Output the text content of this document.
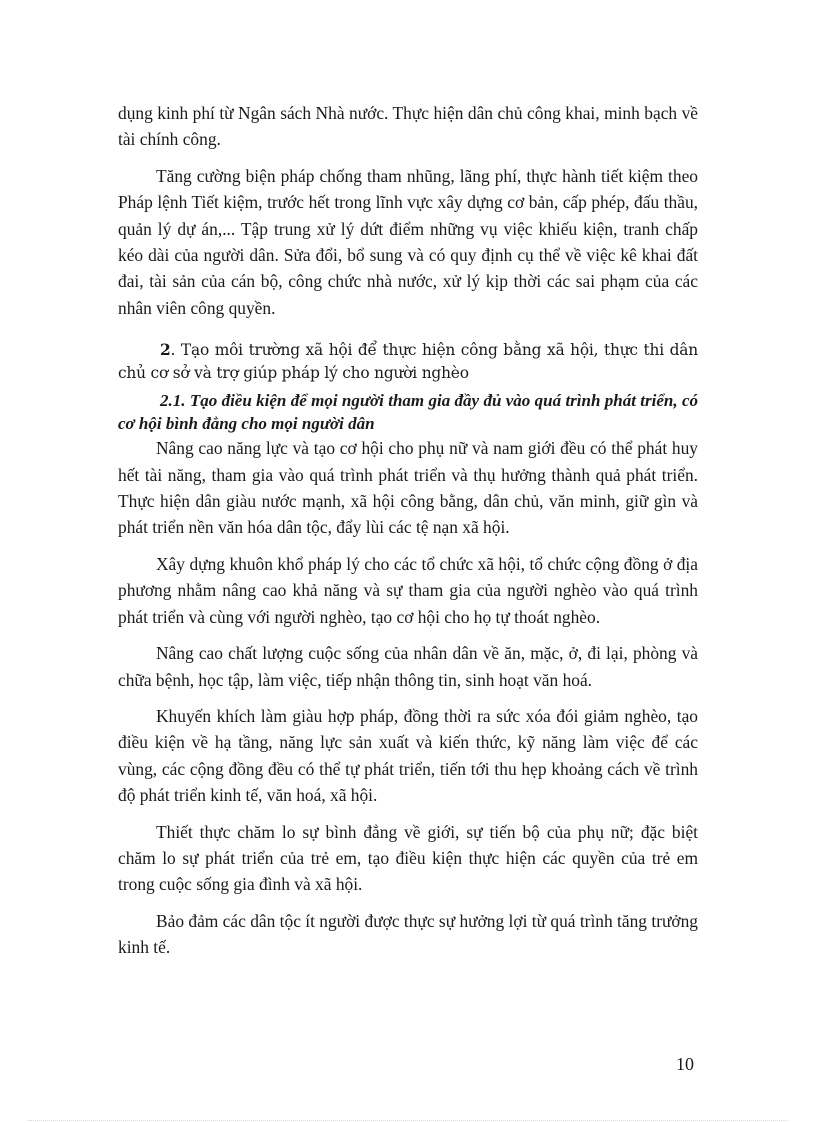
dụng kinh phí từ Ngân sách Nhà nước. Thực hiện dân chủ công khai, minh bạch về tài chính công.

Tăng cường biện pháp chống tham nhũng, lãng phí, thực hành tiết kiệm theo Pháp lệnh Tiết kiệm, trước hết trong lĩnh vực xây dựng cơ bản, cấp phép, đấu thầu, quản lý dự án,... Tập trung xử lý dứt điểm những vụ việc khiếu kiện, tranh chấp kéo dài của người dân. Sửa đổi, bổ sung và có quy định cụ thể về việc kê khai đất đai, tài sản của cán bộ, công chức nhà nước, xử lý kịp thời các sai phạm của các nhân viên công quyền.

2. Tạo môi trường xã hội để thực hiện công bằng xã hội, thực thi dân chủ cơ sở và trợ giúp pháp lý cho người nghèo

2.1. Tạo điều kiện để mọi người tham gia đầy đủ vào quá trình phát triển, có cơ hội bình đẳng cho mọi người dân

Nâng cao năng lực và tạo cơ hội cho phụ nữ và nam giới đều có thể phát huy hết tài năng, tham gia vào quá trình phát triển và thụ hưởng thành quả phát triển. Thực hiện dân giàu nước mạnh, xã hội công bằng, dân chủ, văn minh, giữ gìn và phát triển nền văn hóa dân tộc, đẩy lùi các tệ nạn xã hội.

Xây dựng khuôn khổ pháp lý cho các tổ chức xã hội, tổ chức cộng đồng ở địa phương nhằm nâng cao khả năng và sự tham gia của người nghèo vào quá trình phát triển và cùng với người nghèo, tạo cơ hội cho họ tự thoát nghèo.

Nâng cao chất lượng cuộc sống của nhân dân về ăn, mặc, ở, đi lại, phòng và chữa bệnh, học tập, làm việc, tiếp nhận thông tin, sinh hoạt văn hoá.

Khuyến khích làm giàu hợp pháp, đồng thời ra sức xóa đói giảm nghèo, tạo điều kiện về hạ tầng, năng lực sản xuất và kiến thức, kỹ năng làm việc để các vùng, các cộng đồng đều có thể tự phát triển, tiến tới thu hẹp khoảng cách về trình độ phát triển kinh tế, văn hoá, xã hội.

Thiết thực chăm lo sự bình đẳng về giới, sự tiến bộ của phụ nữ; đặc biệt chăm lo sự phát triển của trẻ em, tạo điều kiện thực hiện các quyền của trẻ em trong cuộc sống gia đình và xã hội.

Bảo đảm các dân tộc ít người được thực sự hưởng lợi từ quá trình tăng trưởng kinh tế.

10
